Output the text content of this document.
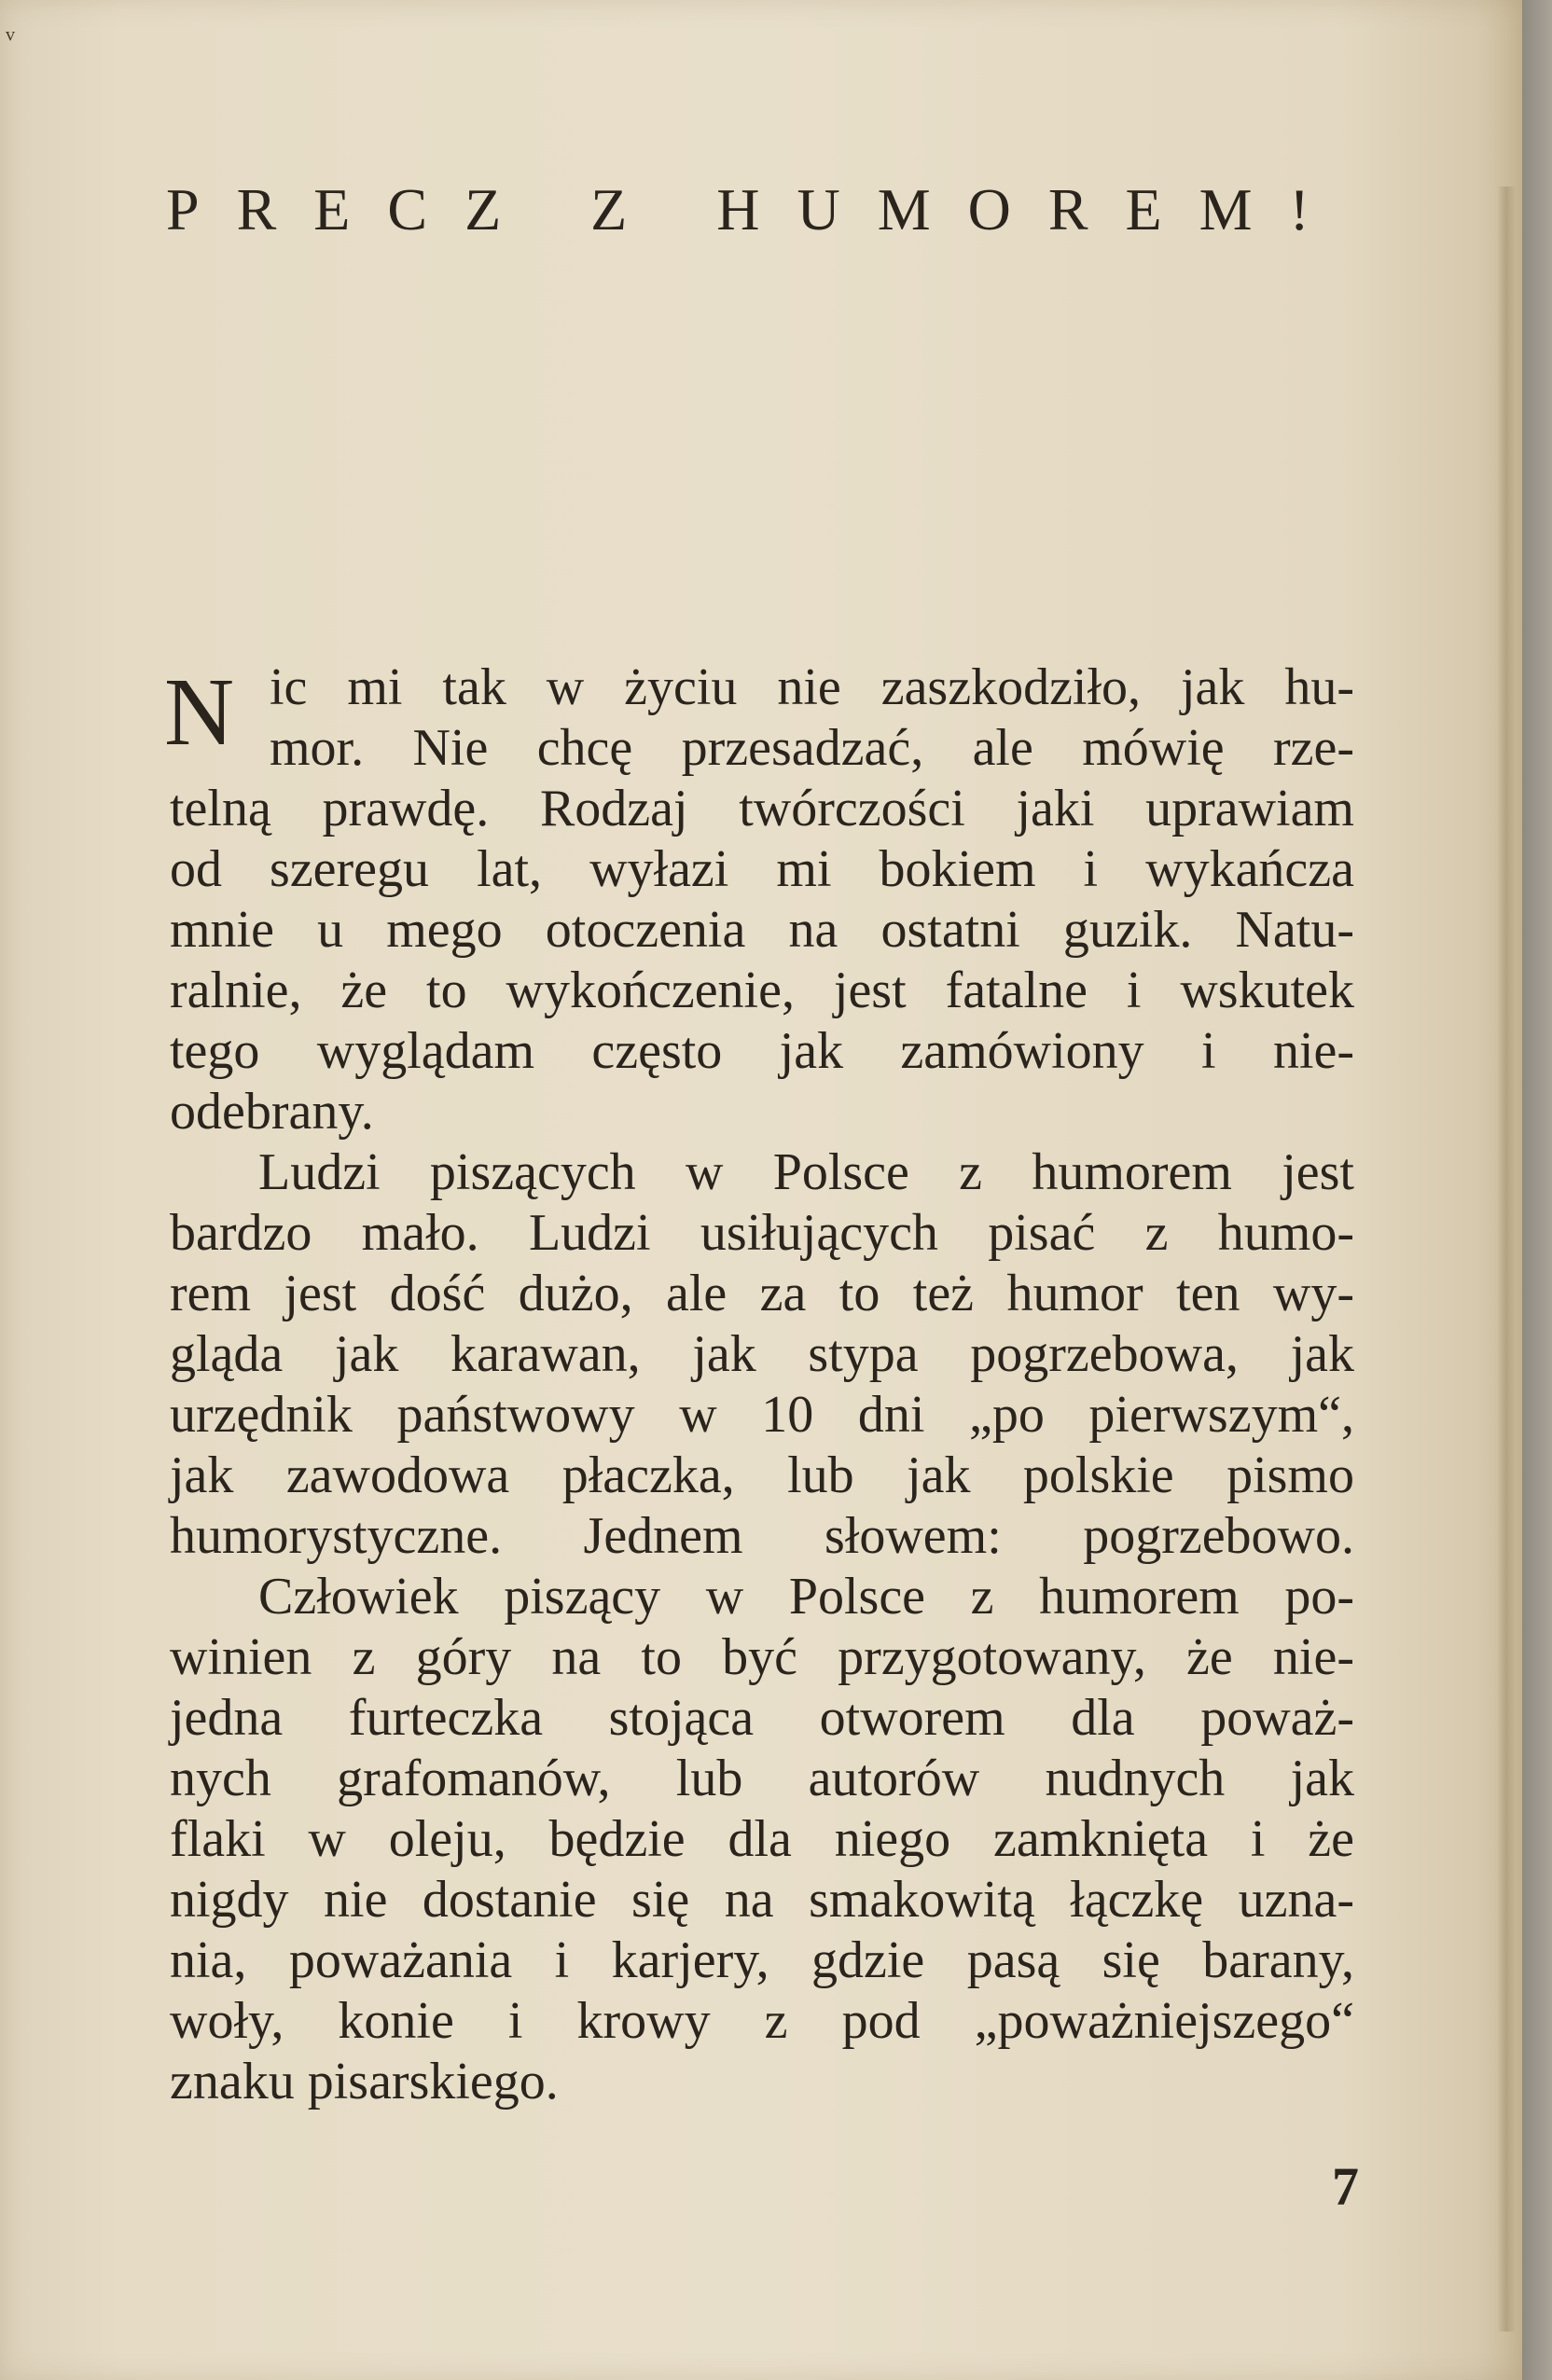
ᵛ
PRECZ Z HUMOREM!
N ic mi tak w życiu nie zaszkodziło, jak hu-
mor. Nie chcę przesadzać, ale mówię rze-
telną prawdę. Rodzaj twórczości jaki uprawiam
od szeregu lat, wyłazi mi bokiem i wykańcza
mnie u mego otoczenia na ostatni guzik. Natu-
ralnie, że to wykończenie, jest fatalne i wskutek
tego wyglądam często jak zamówiony i nie-
odebrany.
Ludzi piszących w Polsce z humorem jest
bardzo mało. Ludzi usiłujących pisać z humo-
rem jest dość dużo, ale za to też humor ten wy-
gląda jak karawan, jak stypa pogrzebowa, jak
urzędnik państwowy w 10 dni „po pierwszym“,
jak zawodowa płaczka, lub jak polskie pismo
humorystyczne. Jednem słowem: pogrzebowo.
Człowiek piszący w Polsce z humorem po-
winien z góry na to być przygotowany, że nie-
jedna furteczka stojąca otworem dla poważ-
nych grafomanów, lub autorów nudnych jak
flaki w oleju, będzie dla niego zamknięta i że
nigdy nie dostanie się na smakowitą łączkę uzna-
nia, poważania i karjery, gdzie pasą się barany,
woły, konie i krowy z pod „poważniejszego“
znaku pisarskiego.
7
